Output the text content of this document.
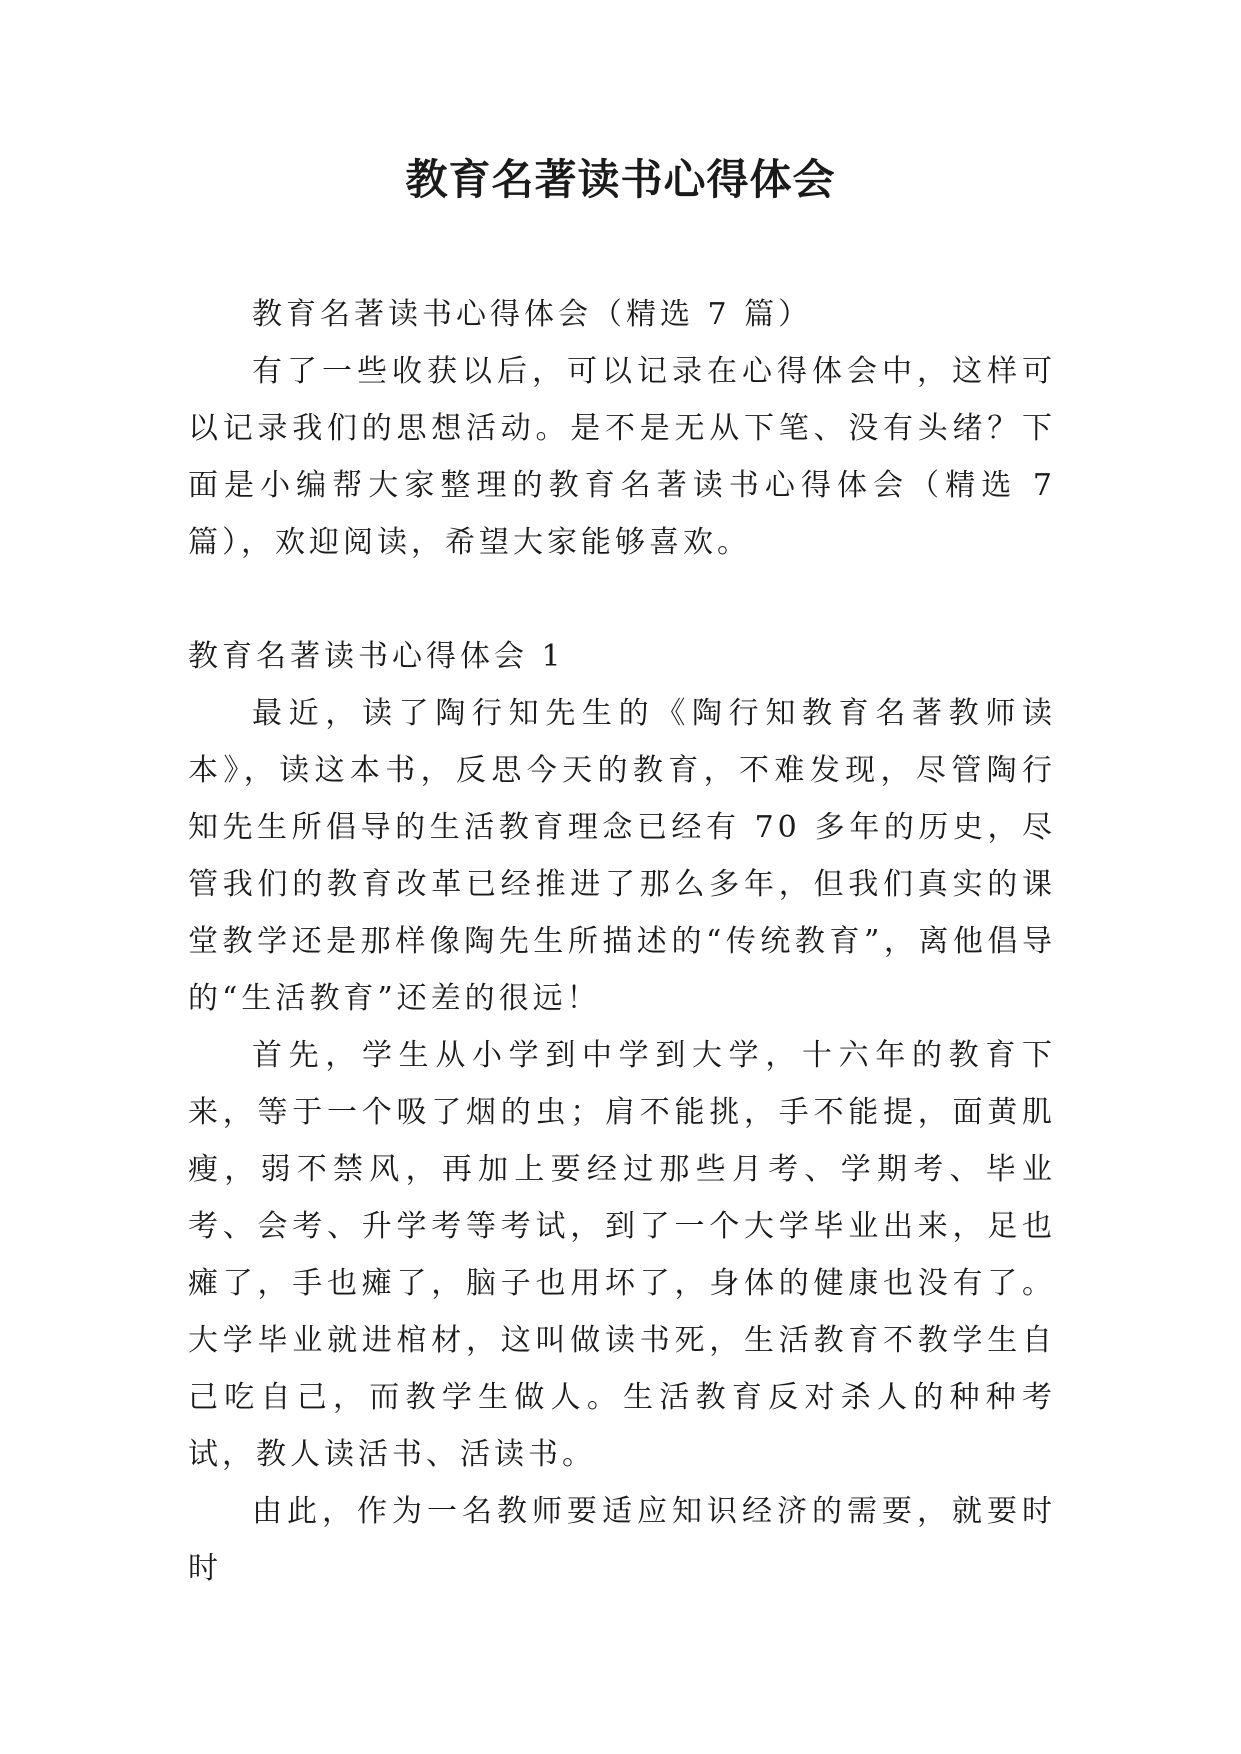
教育名著读书心得体会

教育名著读书心得体会（精选 7 篇）

有了一些收获以后，可以记录在心得体会中，这样可以记录我们的思想活动。是不是无从下笔、没有头绪？下面是小编帮大家整理的教育名著读书心得体会（精选 7 篇），欢迎阅读，希望大家能够喜欢。

教育名著读书心得体会 1

最近，读了陶行知先生的《陶行知教育名著教师读本》，读这本书，反思今天的教育，不难发现，尽管陶行知先生所倡导的生活教育理念已经有 70 多年的历史，尽管我们的教育改革已经推进了那么多年，但我们真实的课堂教学还是那样像陶先生所描述的“传统教育”，离他倡导的“生活教育”还差的很远！

首先，学生从小学到中学到大学，十六年的教育下来，等于一个吸了烟的虫；肩不能挑，手不能提，面黄肌瘦，弱不禁风，再加上要经过那些月考、学期考、毕业考、会考、升学考等考试，到了一个大学毕业出来，足也瘫了，手也瘫了，脑子也用坏了，身体的健康也没有了。大学毕业就进棺材，这叫做读书死，生活教育不教学生自己吃自己，而教学生做人。生活教育反对杀人的种种考试，教人读活书、活读书。

由此，作为一名教师要适应知识经济的需要，就要时时
